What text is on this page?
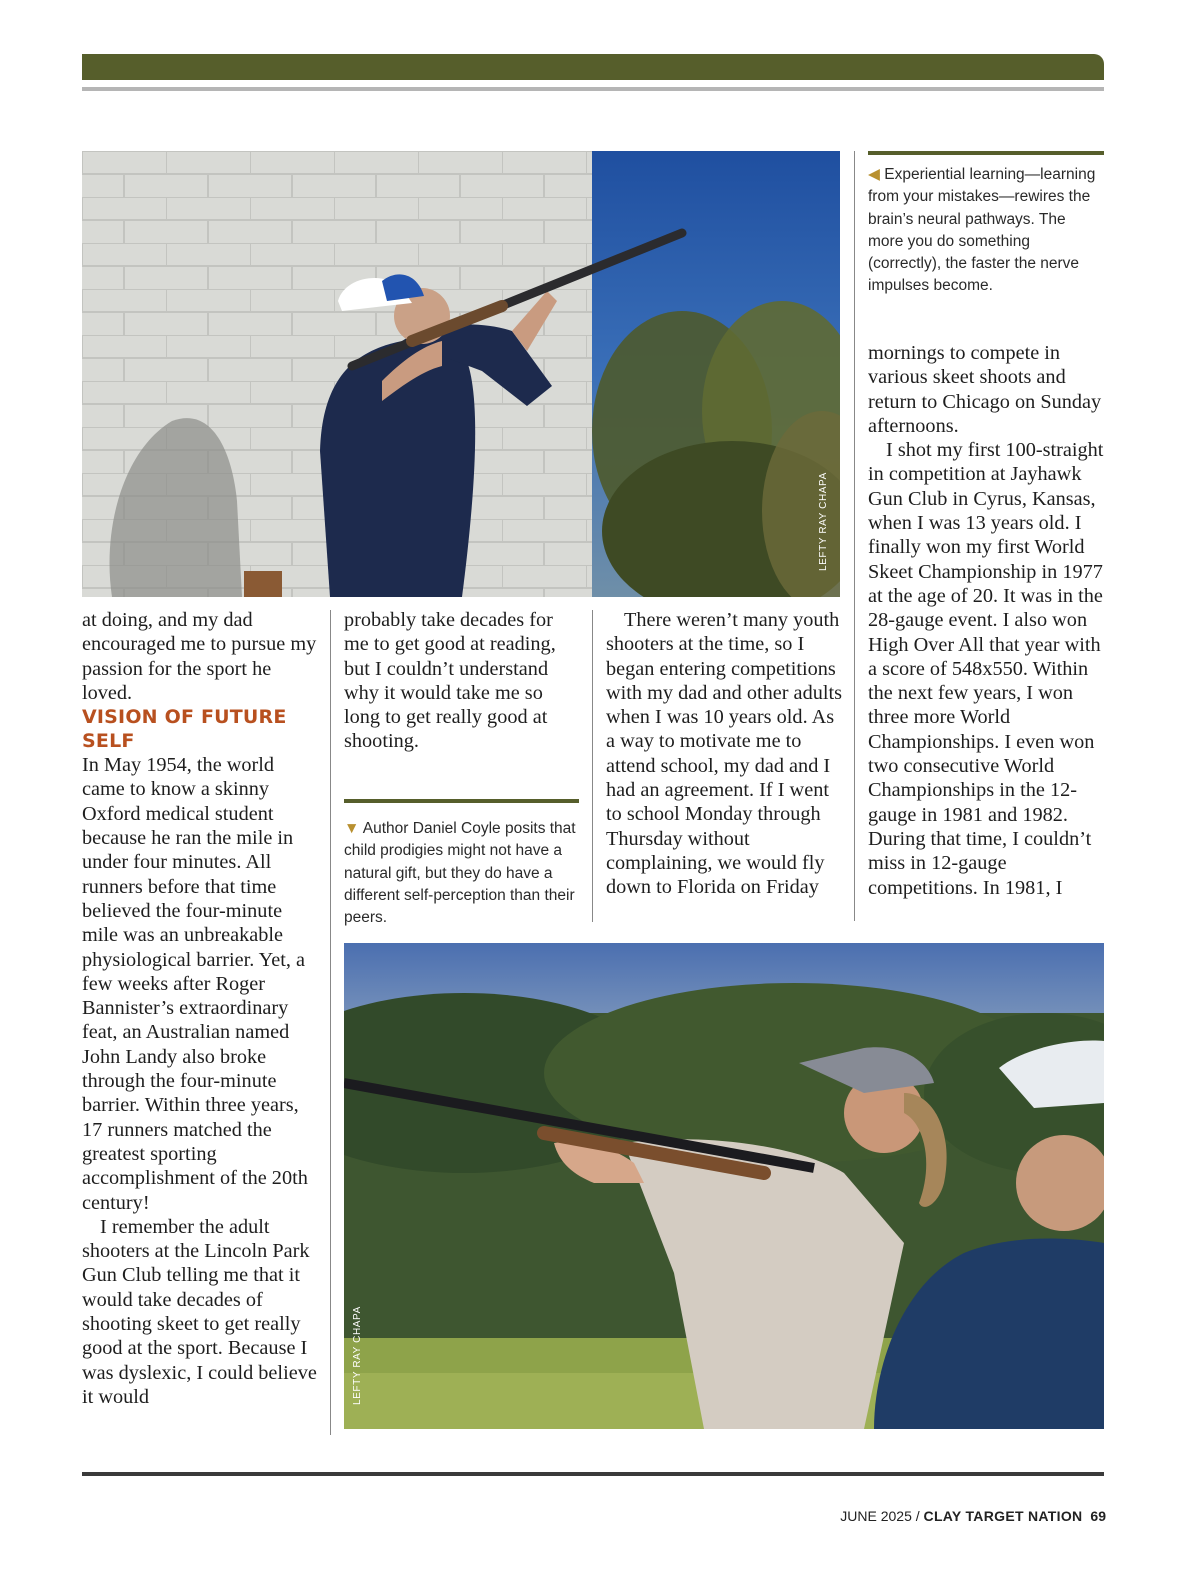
LEFTY RAY CHAPA
LEFTY RAY CHAPA

at doing, and my dad encouraged me to pursue my passion for the sport he loved.

VISION OF FUTURE SELF

In May 1954, the world came to know a skinny Oxford medical student because he ran the mile in under four minutes. All runners before that time believed the four-minute mile was an unbreakable physiological barrier. Yet, a few weeks after Roger Bannister’s extraordinary feat, an Australian named John Landy also broke through the four-minute barrier. Within three years, 17 runners matched the greatest sporting accomplishment of the 20th century!

I remember the adult shooters at the Lincoln Park Gun Club telling me that it would take decades of shooting skeet to get really good at the sport. Because I was dyslexic, I could believe it would

probably take decades for me to get good at reading, but I couldn’t understand why it would take me so long to get really good at shooting.

▼ Author Daniel Coyle posits that child prodigies might not have a natural gift, but they do have a different self-perception than their peers.

There weren’t many youth shooters at the time, so I began entering competitions with my dad and other adults when I was 10 years old. As a way to motivate me to attend school, my dad and I had an agreement. If I went to school Monday through Thursday without complaining, we would fly down to Florida on Friday

◀ Experiential learning—learning from your mistakes—rewires the brain’s neural pathways. The more you do something (correctly), the faster the nerve impulses become.

mornings to compete in various skeet shoots and return to Chicago on Sunday afternoons.

I shot my first 100-straight in competition at Jayhawk Gun Club in Cyrus, Kansas, when I was 13 years old. I finally won my first World Skeet Championship in 1977 at the age of 20. It was in the 28-gauge event. I also won High Over All that year with a score of 548x550. Within the next few years, I won three more World Championships. I even won two consecutive World Championships in the 12-gauge in 1981 and 1982. During that time, I couldn’t miss in 12-gauge competitions. In 1981, I

JUNE 2025 / CLAY TARGET NATION 69
